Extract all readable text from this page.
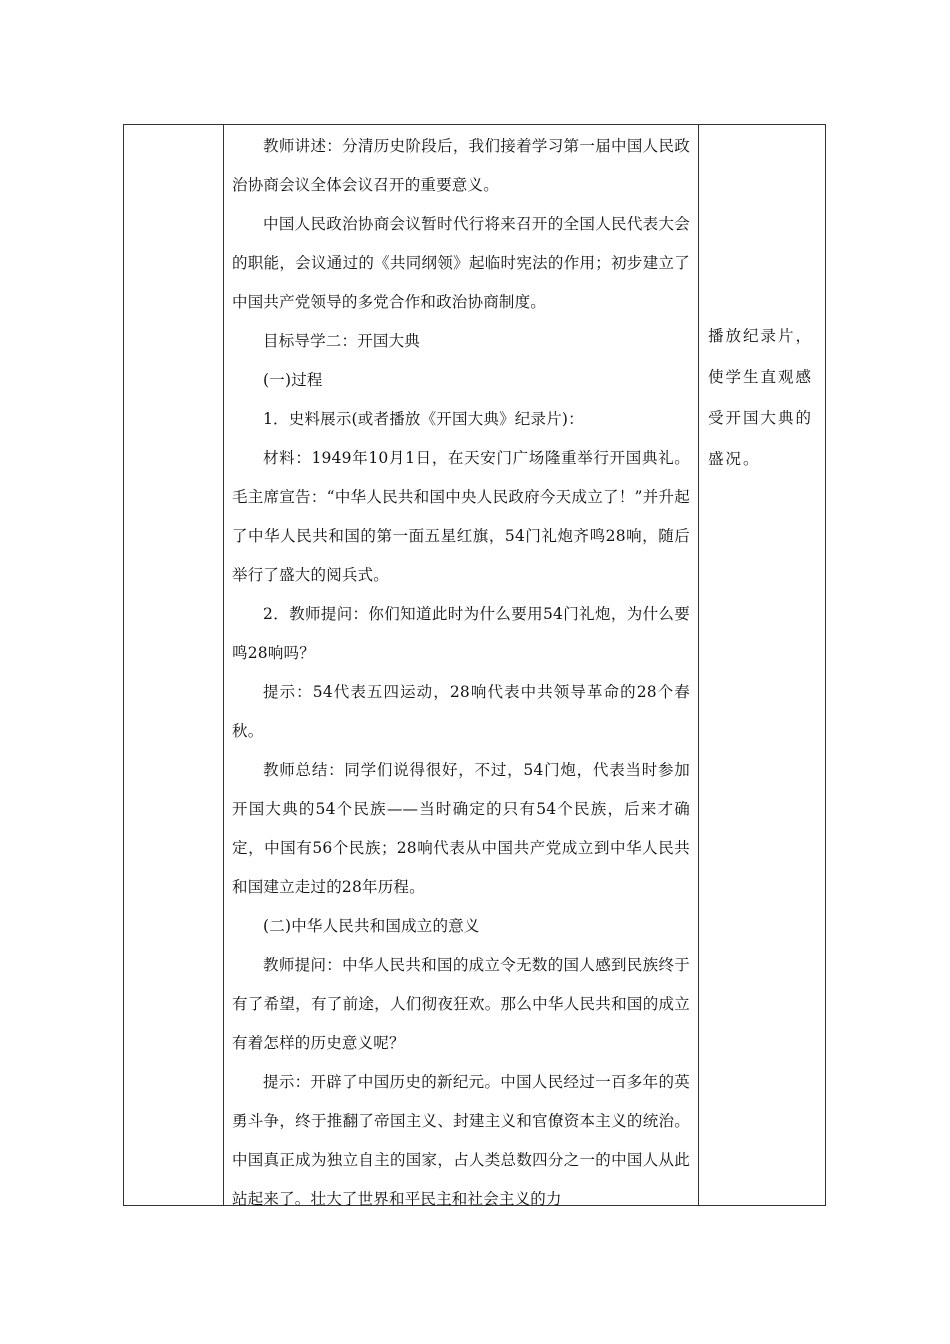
教师讲述：分清历史阶段后，我们接着学习第一届中国人民政治协商会议全体会议召开的重要意义。

中国人民政治协商会议暂时代行将来召开的全国人民代表大会的职能，会议通过的《共同纲领》起临时宪法的作用；初步建立了中国共产党领导的多党合作和政治协商制度。

目标导学二：开国大典

(一)过程

1．史料展示(或者播放《开国大典》纪录片)：

材料：1949年10月1日，在天安门广场隆重举行开国典礼。毛主席宣告：“中华人民共和国中央人民政府今天成立了！”并升起了中华人民共和国的第一面五星红旗，54门礼炮齐鸣28响，随后举行了盛大的阅兵式。

2．教师提问：你们知道此时为什么要用54门礼炮，为什么要鸣28响吗？

提示：54代表五四运动，28响代表中共领导革命的28个春秋。

教师总结：同学们说得很好，不过，54门炮，代表当时参加开国大典的54个民族——当时确定的只有54个民族，后来才确定，中国有56个民族；28响代表从中国共产党成立到中华人民共和国建立走过的28年历程。

(二)中华人民共和国成立的意义

教师提问：中华人民共和国的成立令无数的国人感到民族终于有了希望，有了前途，人们彻夜狂欢。那么中华人民共和国的成立有着怎样的历史意义呢？

提示：开辟了中国历史的新纪元。中国人民经过一百多年的英勇斗争，终于推翻了帝国主义、封建主义和官僚资本主义的统治。中国真正成为独立自主的国家，占人类总数四分之一的中国人从此站起来了。壮大了世界和平民主和社会主义的力

播放纪录片，使学生直观感受开国大典的盛况。
